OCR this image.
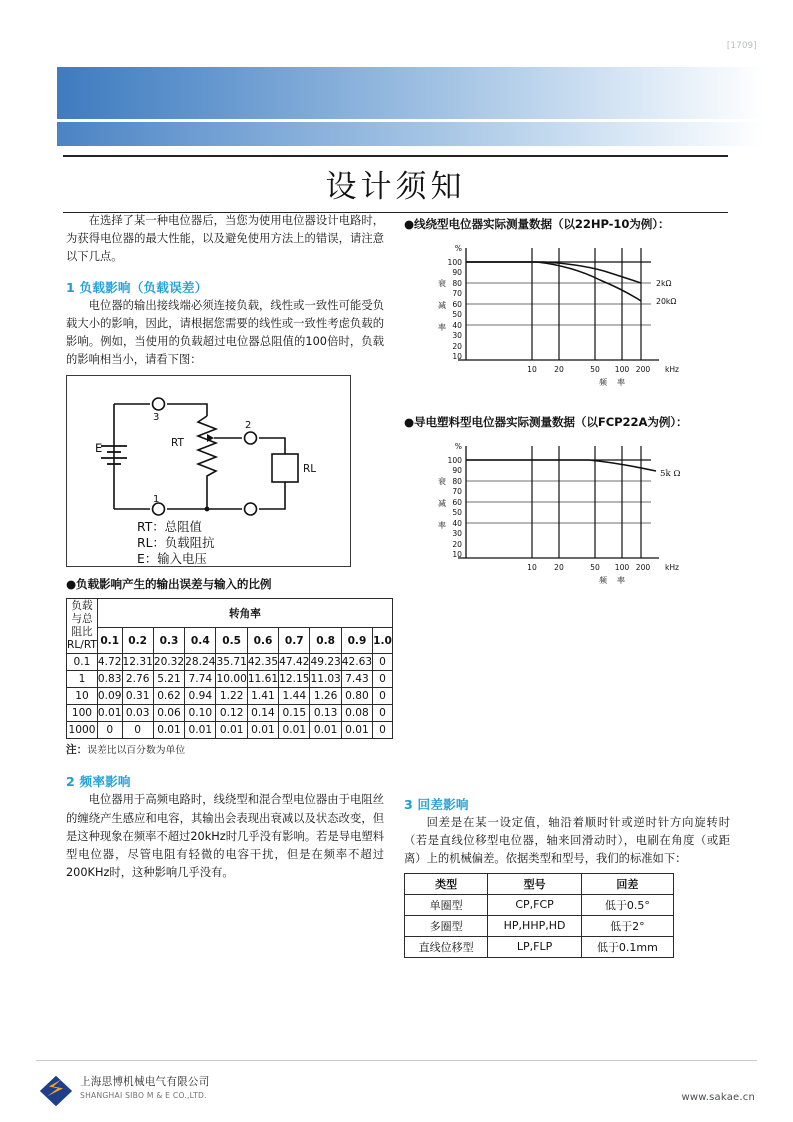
[1709]
设计须知

在选择了某一种电位器后，当您为使用电位器设计电路时，为获得电位器的最大性能，以及避免使用方法上的错误，请注意以下几点。

1 负载影响（负载误差）

电位器的输出接线端必须连接负载，线性或一致性可能受负载大小的影响，因此，请根据您需要的线性或一致性考虑负载的影响。例如，当使用的负载超过电位器总阻值的100倍时，负载的影响相当小，请看下图：

E
3
1
2
RT
RL
RT：总阻值
RL：负载阻抗
E：输入电压
●负载影响产生的输出误差与输入的比例
负载与总阻比
RL/RT	转角率									
	0.1	0.2	0.3	0.4	0.5	0.6	0.7	0.8	0.9	1.0
0.1	4.72	12.31	20.32	28.24	35.71	42.35	47.42	49.23	42.63	0
1	0.83	2.76	5.21	7.74	10.00	11.61	12.15	11.03	7.43	0
10	0.09	0.31	0.62	0.94	1.22	1.41	1.44	1.26	0.80	0
100	0.01	0.03	0.06	0.10	0.12	0.14	0.15	0.13	0.08	0
1000	0	0	0.01	0.01	0.01	0.01	0.01	0.01	0.01	0
注：误差比以百分数为单位
2 频率影响

电位器用于高频电路时，线绕型和混合型电位器由于电阻丝的缠绕产生感应和电容，其输出会表现出衰减以及状态改变，但是这种现象在频率不超过20kHz时几乎没有影响。若是导电塑料型电位器，尽管电阻有轻微的电容干扰，但是在频率不超过200KHz时，这种影响几乎没有。

●线绕型电位器实际测量数据（以22HP-10为例）：
%
100
90
80
70
60
50
40
30
20
10
衰
减
率
10 20	50 100 200 kHz
频 率
2kΩ
20kΩ
●导电塑料型电位器实际测量数据（以FCP22A为例）：
%
100
90
80
70
60
50
40
30
20
10
衰
减
率
10 20	50 100 200 kHz
频 率
5k Ω
3 回差影响

回差是在某一设定值，轴沿着顺时针或逆时针方向旋转时（若是直线位移型电位器，轴来回滑动时），电刷在角度（或距离）上的机械偏差。依据类型和型号，我们的标准如下：

类型	型号	回差
单圈型	CP,FCP	低于0.5°
多圈型	HP,HHP,HD	低于2°
直线位移型	LP,FLP	低于0.1mm
上海思博机械电气有限公司
SHANGHAI SIBO M & E CO.,LTD.	www.sakae.cn
